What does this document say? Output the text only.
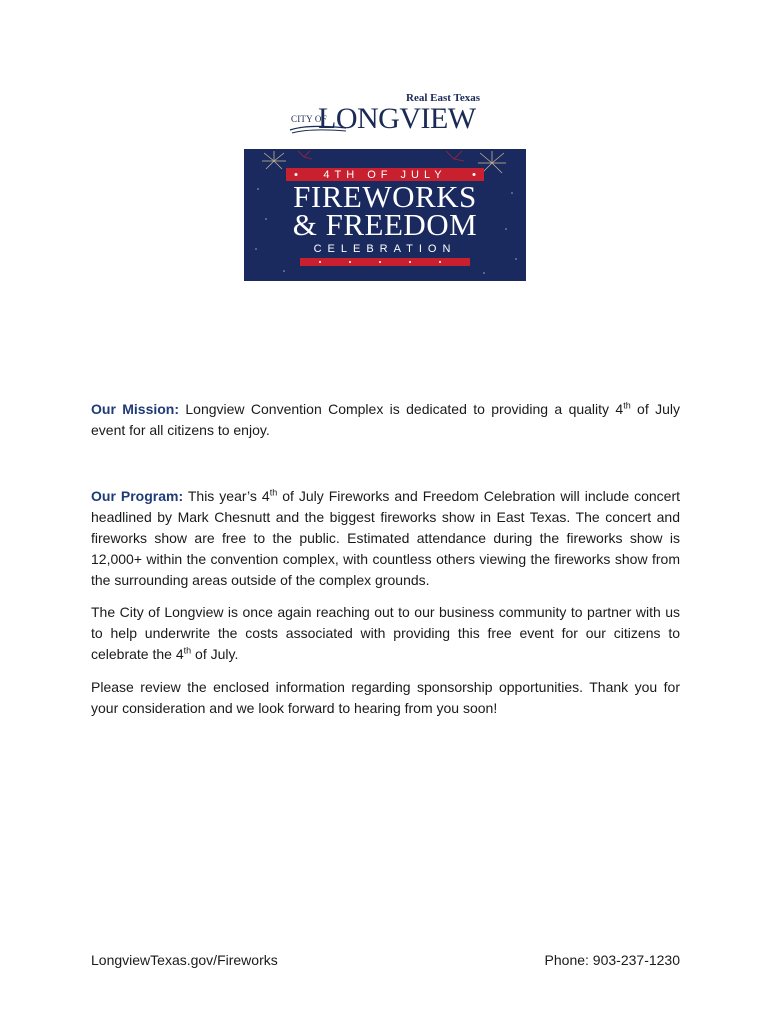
Real East Texas
CITY OF
LONGVIEW
4TH OF JULY
FIREWORKS
& FREEDOM
CELEBRATION

Our Mission: Longview Convention Complex is dedicated to providing a quality 4th of July event for all citizens to enjoy.

Our Program: This year’s 4th of July Fireworks and Freedom Celebration will include concert headlined by Mark Chesnutt and the biggest fireworks show in East Texas. The concert and fireworks show are free to the public. Estimated attendance during the fireworks show is 12,000+ within the convention complex, with countless others viewing the fireworks show from the surrounding areas outside of the complex grounds.

The City of Longview is once again reaching out to our business community to partner with us to help underwrite the costs associated with providing this free event for our citizens to celebrate the 4th of July.

Please review the enclosed information regarding sponsorship opportunities. Thank you for your consideration and we look forward to hearing from you soon!

LongviewTexas.gov/Fireworks	Phone: 903-237-1230
